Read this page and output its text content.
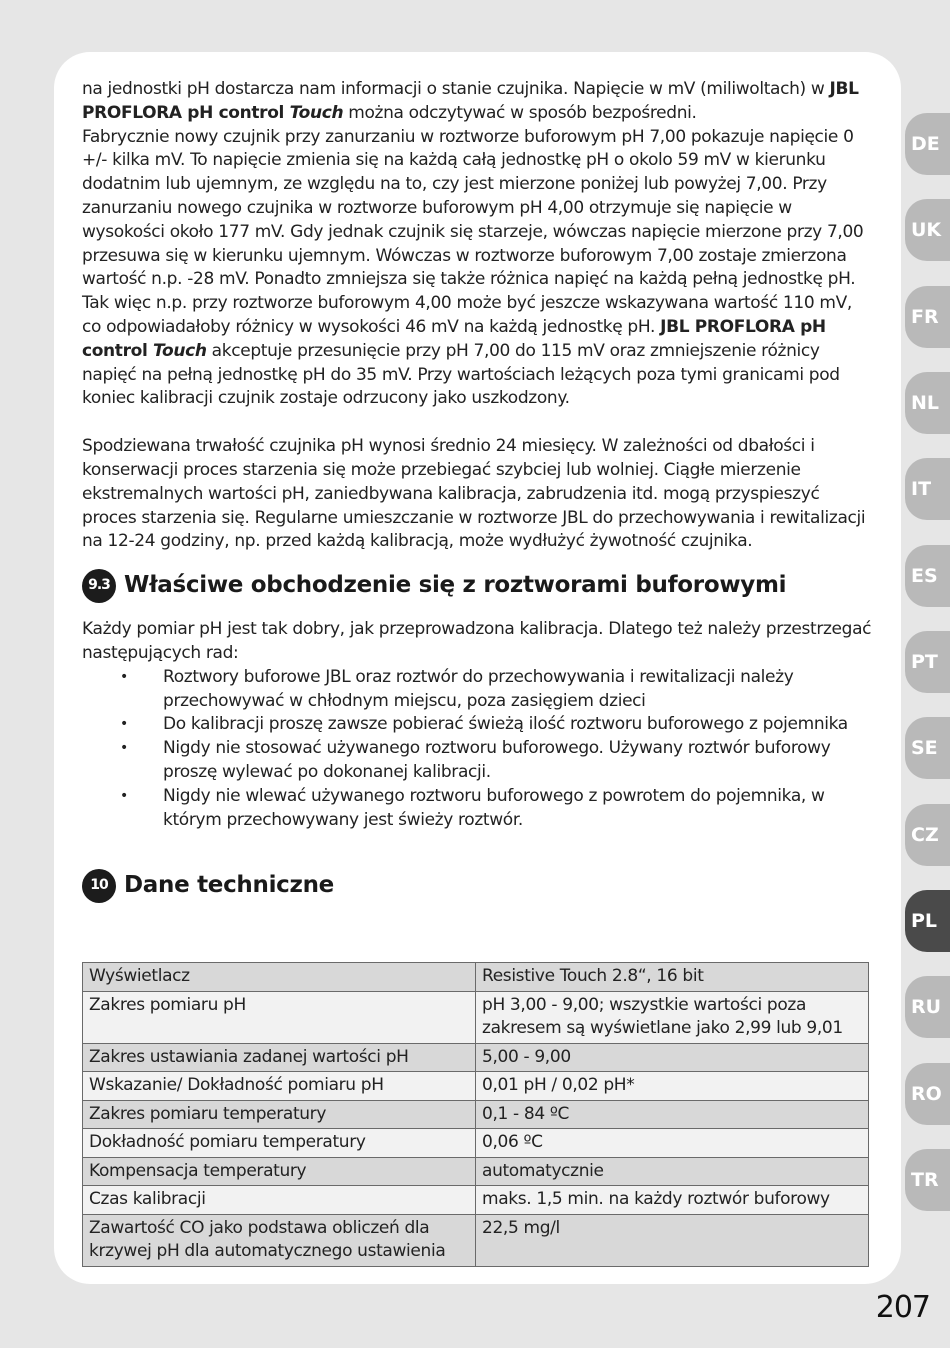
na jednostki pH dostarcza nam informacji o stanie czujnika. Napięcie w mV (miliwoltach) w JBL PROFLORA pH control Touch można odczytywać w sposób bezpośredni.

Fabrycznie nowy czujnik przy zanurzaniu w roztworze buforowym pH 7,00 pokazuje napięcie 0 +/- kilka mV. To napięcie zmienia się na każdą całą jednostkę pH o okolo 59 mV w kierunku dodatnim lub ujemnym, ze względu na to, czy jest mierzone poniżej lub powyżej 7,00. Przy zanurzaniu nowego czujnika w roztworze buforowym pH 4,00 otrzymuje się napięcie w wysokości około 177 mV. Gdy jednak czujnik się starzeje, wówczas napięcie mierzone przy 7,00 przesuwa się w kierunku ujemnym. Wówczas w roztworze buforowym 7,00 zostaje zmierzona wartość n.p. -28 mV. Ponadto zmniejsza się także różnica napięć na każdą pełną jednostkę pH. Tak więc n.p. przy roztworze buforowym 4,00 może być jeszcze wskazywana wartość 110 mV, co odpowiadałoby różnicy w wysokości 46 mV na każdą jednostkę pH. JBL PROFLORA pH control Touch akceptuje przesunięcie przy pH 7,00 do 115 mV oraz zmniejszenie różnicy napięć na pełną jednostkę pH do 35 mV. Przy wartościach leżących poza tymi granicami pod koniec kalibracji czujnik zostaje odrzucony jako uszkodzony.

Spodziewana trwałość czujnika pH wynosi średnio 24 miesięcy. W zależności od dbałości i konserwacji proces starzenia się może przebiegać szybciej lub wolniej. Ciągłe mierzenie ekstremalnych wartości pH, zaniedbywana kalibracja, zabrudzenia itd. mogą przyspieszyć proces starzenia się. Regularne umieszczanie w roztworze JBL do przechowywania i rewitalizacji na 12-24 godziny, np. przed każdą kalibracją, może wydłużyć żywotność czujnika.

9.3 Właściwe obchodzenie się z roztworami buforowymi

Każdy pomiar pH jest tak dobry, jak przeprowadzona kalibracja. Dlatego też należy przestrzegać następujących rad:

• Roztwory buforowe JBL oraz roztwór do przechowywania i rewitalizacji należy przechowywać w chłodnym miejscu, poza zasięgiem dzieci
• Do kalibracji proszę zawsze pobierać świeżą ilość roztworu buforowego z pojemnika
• Nigdy nie stosować używanego roztworu buforowego. Używany roztwór buforowy proszę wylewać po dokonanej kalibracji.
• Nigdy nie wlewać używanego roztworu buforowego z powrotem do pojemnika, w którym przechowywany jest świeży roztwór.
10 Dane techniczne
Wyświetlacz	Resistive Touch 2.8“, 16 bit
Zakres pomiaru pH	pH 3,00 - 9,00; wszystkie wartości poza zakresem są wyświetlane jako 2,99 lub 9,01
Zakres ustawiania zadanej wartości pH	5,00 - 9,00
Wskazanie/ Dokładność pomiaru pH	0,01 pH / 0,02 pH*
Zakres pomiaru temperatury	0,1 - 84 ºC
Dokładność pomiaru temperatury	0,06 ºC
Kompensacja temperatury	automatycznie
Czas kalibracji	maks. 1,5 min. na każdy roztwór buforowy
Zawartość CO jako podstawa obliczeń dla krzywej pH dla automatycznego ustawienia	22,5 mg/l
DE
UK
FR
NL
IT
ES
PT
SE
CZ
PL
RU
RO
TR
207
